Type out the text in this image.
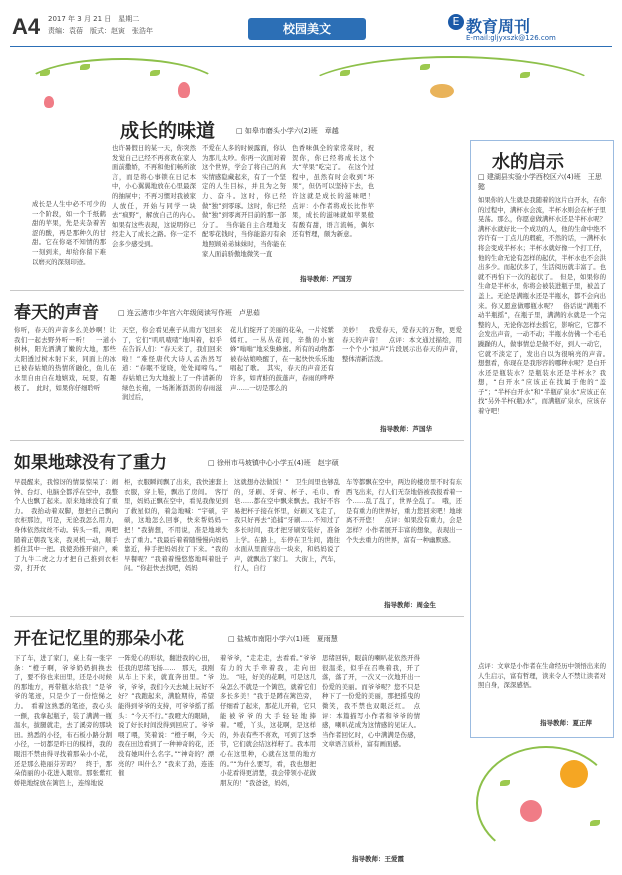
A4 2017 年 3 月 21 日　星期二
责编：袁蓓　版式：赵寅　张浩年	校园美文
E 教育周刊
E-mail:gljyxszk@126.com
成长的味道	□ 如皋市磨头小学六(2)班　章越
成长是人生中必不可少的一个阶段，如一个千纸鹤甜的苹果，先是夹杂着苦涩的酸，再是那种久的甘甜。它在你毫不知情的那一刻到来，却给你留下难以磨灭的深刻印迹。
也许暑假日的某一天，你突然发觉自己已经不再喜欢在家人面前撒娇，不再和他们畅所欲言，而是将心事锁在日记本中，小心翼翼地放在心里最深的抽屉中；不再习惯对我被家人放任，开始与同学一块去“疯野”，解放自己的内心。　如果有这些表现，这说明你已经走入了成长之路。你一定不会多少感受到。
不爱在人多的时候露面，你认为那儿太吵。你再一次面对着这个世界，学会了将自己的真实情感隐藏起来，有了一个坚定的人生目标，并且为之努力、奋斗。这时，你已经做“独”到零琢。这时，你已经做“独”到零离开目前的那一部分了。　当你能自主合理地支配零花钱时，当你能游刃有余地照顾弟弟妹妹时，当你能在家人面前骄傲地微笑一直
色香味俱全的家常菜时，祝贺你，你已经将成长这个大“苹果”吃完了。　在这个过程中，虽然有时会收到“坏果”，但仍可以坚持下去，也许这就是成长的滋味吧！　点评：小作者将成长比作苹果，成长的滋味就如苹果般有酸有甜，语言流畅，偶尔还有哲理，颇为新意。
指导教师：严国芳
水的启示
□ 建湖县实验小学西校区六(4)班　王思懿
如果你的人生就是我随着的这片白开水，在你的过程中，满杯水会流，半杯水则会在杯子里晃荡。那么，你愿意做满杯水还是半杯水呢？　满杯水就好比一个成功的人，他的生命中绝不容许有一丁点儿的瑕疵，不然的话，一满杯水将会变成半杯水；半杯水就好像一个打工仔，他的生命无论有怎样的起伏，半杯水也不会洪出多少。而起伏多了，生活阅历就丰富了。也就不再怕下一次的起伏了。　但是，如果你的生命是半杯水，你将会被装进瓶子里，被盖了盖上。无论是满瓶水还是半瓶水，都不会向出来。你又愿意做哪瓶水呢？　俗话说“满瓶不动半瓶摇”，在瓶子里，满满的水就是一个完整的人，无论你怎样去摇它，影响它，它都不会发出声音，一动不动；半瓶水仿佛一个毛毛躁躁的人，做事情总是做不好，到人一动它，它就不淡定了，发出自以为很响亮的声音。　想想看，你现在是我形容的哪种水呢？是白开水还是瓶装水？是瓶装水还是半杯水？我想，“白开水”应该正在找属于他的“盖子”；“半杯白开水”和“半瓶矿泉水”应该正在找“另外半杯(瓶)水”，而满瓶矿泉水，应该存着守吧！
点评：文章是小作者在生命经历中领悟出来的人生启示，富有哲理，读来令人不禁让读者对照自身，深深感悟。
指导教师：夏正萍
春天的声音	□ 连云港市少年宫六年级阅读写作班　卢思茹
你听，春天的声音多么美妙啊！让我们一起去野外听一听！　一道小树林，阳光洒满了嫩的大地，那些太阳透过树木射下来，同面上的冰已被春姑娘的热情所融化，鱼儿在水里自由自在地嬉戏，玩耍，有趣极了。　此时，如果你仔细聆听
天空，你会看见燕子从南方飞回来了，它们“叽叽喳喳”地叫着，似乎在告诉人们：“春天来了，我们回来啦！”难怪唐代大诗人孟浩然写道：“春眠不觉晓，处处闻啼鸟。”　春姑娘已为大地披上了一件清新的绿色长袍，一场淅淅沥沥的春雨滋润过后，
花儿们绽开了美丽的花朵，一片姹紫嫣红。一丛丛花间，辛勤的小蜜蜂“嗡嗡”地采集蜂蜜。所有的动物都被春姑娘唤醒了，在一起快快乐乐地唱起了歌。　其实，春天的声音还有许多，如青蛙的鼓蓬声，春雨的哗哗声……一切是那么的
美妙！　我爱春天，爱春天的万物，更爱春天的声音！　点评：本文通过描绘，用一个个小“拟声”片段展示出春天的声音，整体清新活泼。
指导教师：芦国华
如果地球没有了重力	□ 徐州市马坡镇中心小学五(4)班　赵宇硕
早晨醒来，我惊讶的情景惊呆了：闹钟、台灯、电脑全都浮在空中，我整个人也飘了起来。原来地球没有了重力。　我抬动着双脚，想把自己飘向衣柜那边，可是，无论我怎么用力，身体依然纹丝不动。转头一看，两吧随着正朝我飞来，我灵机一动，顺手抓住其中一把。我使劲推开窗户，乘了九牛二虎之力才把自己推到衣柜旁，打开衣
柜，衣服瞬间飘了出来，我快速套上衣服，穿上鞋，飘出了房间。　客厅里，妈妈正飘在空中，看见我像见到了救星似的，着急地喊：“宇硕，宇硕，这地怎么回事，快来帮妈妈一把！”我猜想，不用说，准是地球失去了重力。”我最后着着随慢慢向妈妈靠近，伸手把妈妈拉了下来。“我的早餐呢？”我着着慢悠悠地叫着肚子问。“你赶快去找吧，妈妈
这就想办法做饭！”　卫生间里也够乱的，牙刷、牙膏、杯子、毛巾、香皂……都在空中飘来飘去。我好不容易把杯子接在怀里，好刷又飞走了，我只好再去“追捕”牙刷……不知过了多长时间，我才把牙刷安装好，准备上学。在路上，车停在卫生间，跑往水面从里面穿出一块来，和妈妈说了声，就飘出了家门。　大街上，汽车，行人，自行
车等都飘在空中，两边的楼房里不时有东西飞出来，行人们无奈地俗被我报看着一个……乱了乱了，世界全乱了。　哦，还是有重力的世界好，重力您回来吧！地球离不开您！　点评：如果没有重力，会是怎样？小作者展开丰富的想象，表现出一个失去重力的世界，富有一种幽默感。
指导教师：周金生
开在记忆里的那朵小花	□ 盐城市南阳小学六(1)班　夏雨慧
下了车，进了家门，桌上有一张字条：“橙子啊，爷爷奶奶捐换去了，要不你也来田里，还是小时候的那地方，再带瓶水给我！”是爷爷的笔迹，只是少了一份恺悌之力。　看着这熟悉的笔迹，我心头一颤，我拿起瓶子，装了满满一瓶温水，拔腿就走，去了溪旁的那块田。熟悉的小径，布石板小路分割小径，一切都是昨日的模样，我的眼泪不禁由得寻找着那朵小小花，还是那么艳丽芬芳吗？　终于，那朵俏丽的小花进入眼帘。那张紫红娇艳地绽放在篱笆上，连绵地说
一阵爱心的形状，翻进我的心田，任我的思绪飞扬……　那天，我刚从车上下来，就直奔田里。“爷爷，爷爷，我们今天去城上玩好不好？”我跑起来，满脸期待，希望能得到爷爷的支持，可爷爷摇了摇头：“今天不行。”我瞪大的眼睛，说了好长时间没得到回应了。爷爷喂了喂，笑着说：“橙子啊，今天我在田边看到了一种神奇的花，还没有她叫什么名字。”“神奇的？漂亮的？叫什么？”我来了劲，连连催
着爷爷，“走走走，去看看。”爷爷有力的大手牵着我，走向田边。　“哇，好美的花啊，可是这几朵怎么不就是一个篱笆，就着它们多长多美！”我于是蹲在篱笆旁，仔细看了起来，那花儿开着，它只能被爷爷的大手轻轻地捧着。“嗳，丫头，这花啊，是这样的，外表有些不喜欢，可到了这季节，它们就会结这样籽了。我本用心在这里种，心就在这里的地方的。”“为什么要写，看，我也想把小花看得更清楚，我会带领小花做朋友的！”我爸爸，妈妈，
思绪回转，眼前的喇叭花依然开得很温柔，似乎在召唤着我，开了落，落了开，一次又一次地开出一份爱的美丽。而爷爷呢？您不只是种下了一份爱的美丽，那把摇曳的微笑，我不禁也双眼泛红。　点评：本篇描写小作者和爷爷的情感，喇叭花成为这情感的见证人。当作者回忆时，心中满满是伤感，文章语言质朴，富有画面感。
指导教师：王爱霞
